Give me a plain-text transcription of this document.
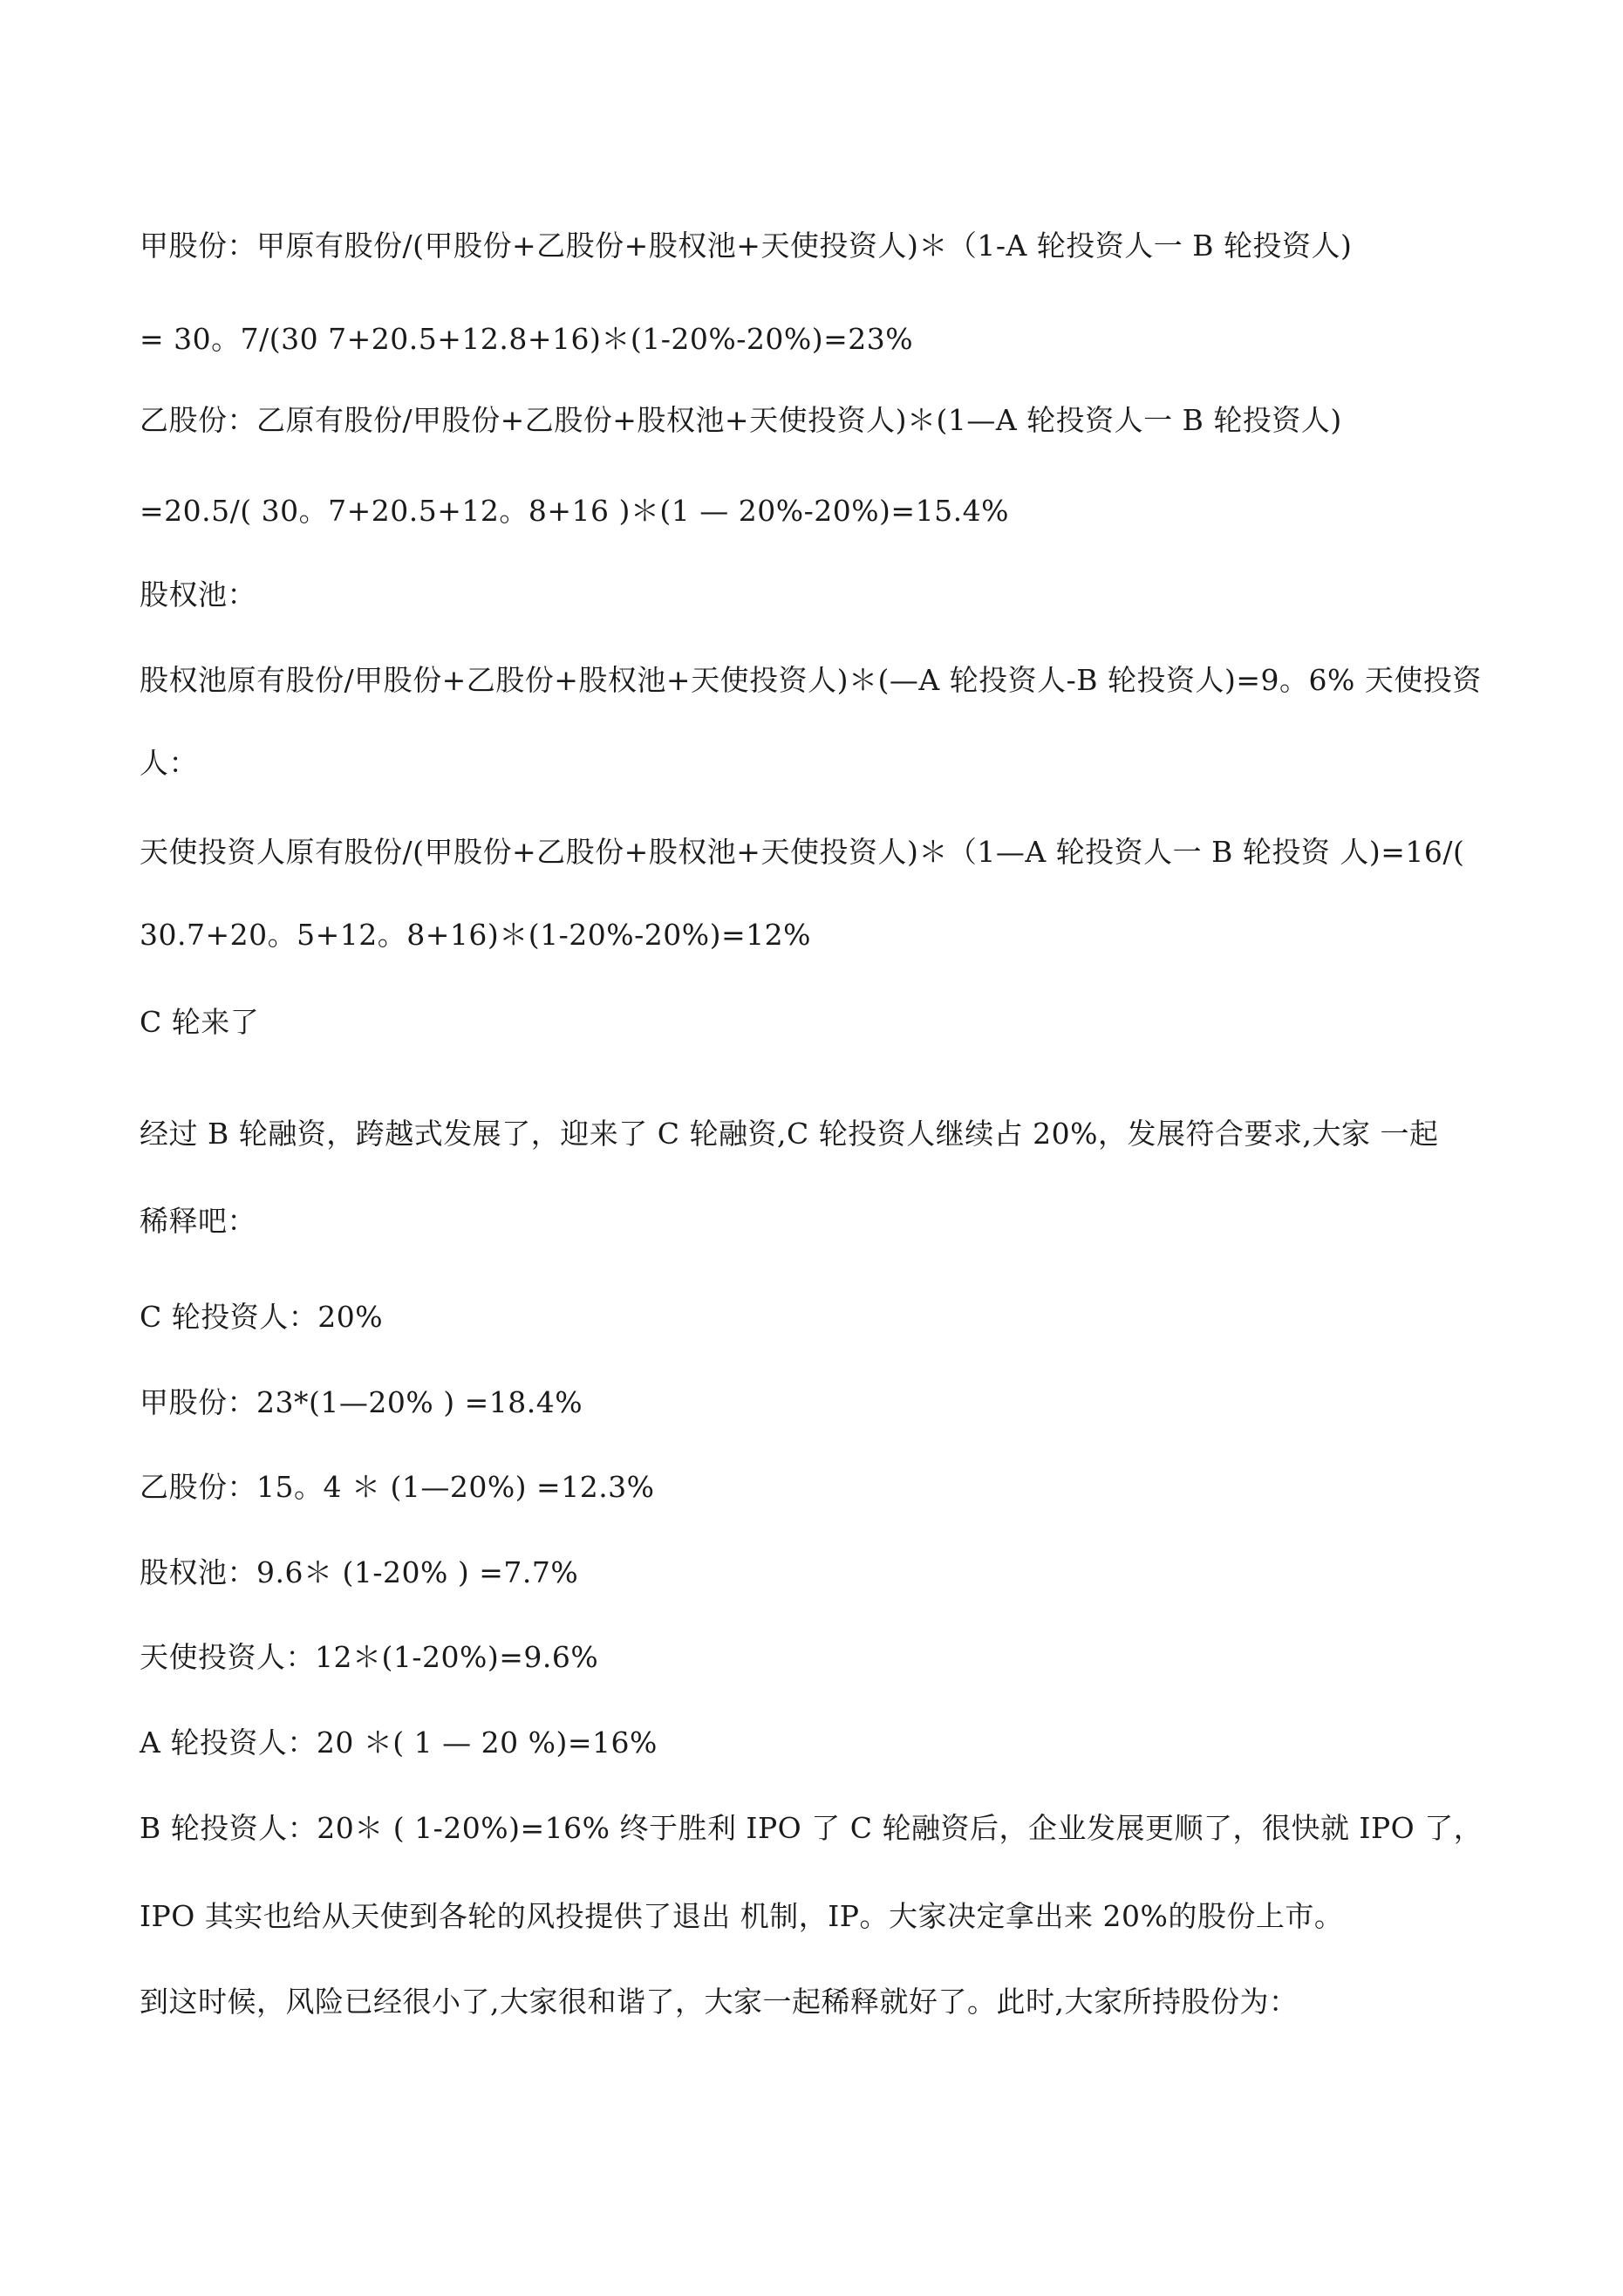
甲股份：甲原有股份/(甲股份+乙股份+股权池+天使投资人)＊（1-A 轮投资人一 B 轮投资人)
= 30。7/(30 7+20.5+12.8+16)＊(1-20%-20%)=23%
乙股份：乙原有股份/甲股份+乙股份+股权池+天使投资人)＊(1—A 轮投资人一 B 轮投资人)
=20.5/( 30。7+20.5+12。8+16 )＊(1 — 20%-20%)=15.4%
股权池：
股权池原有股份/甲股份+乙股份+股权池+天使投资人)＊(—A 轮投资人-B 轮投资人)=9。6% 天使投资
人：
天使投资人原有股份/(甲股份+乙股份+股权池+天使投资人)＊（1—A 轮投资人一 B 轮投资 人)=16/(
30.7+20。5+12。8+16)＊(1-20%-20%)=12%
C 轮来了
经过 B 轮融资，跨越式发展了，迎来了 C 轮融资,C 轮投资人继续占 20%，发展符合要求,大家 一起
稀释吧：
C 轮投资人：20%
甲股份：23*(1—20% ) =18.4%
乙股份：15。4 ＊ (1—20%) =12.3%
股权池：9.6＊ (1-20% ) =7.7%
天使投资人：12＊(1-20%)=9.6%
A 轮投资人：20 ＊( 1 — 20 %)=16%
B 轮投资人：20＊ ( 1-20%)=16% 终于胜利 IPO 了 C 轮融资后，企业发展更顺了，很快就 IPO 了，
IPO 其实也给从天使到各轮的风投提供了退出 机制，IP。大家决定拿出来 20%的股份上市。
到这时候，风险已经很小了,大家很和谐了，大家一起稀释就好了。此时,大家所持股份为：
